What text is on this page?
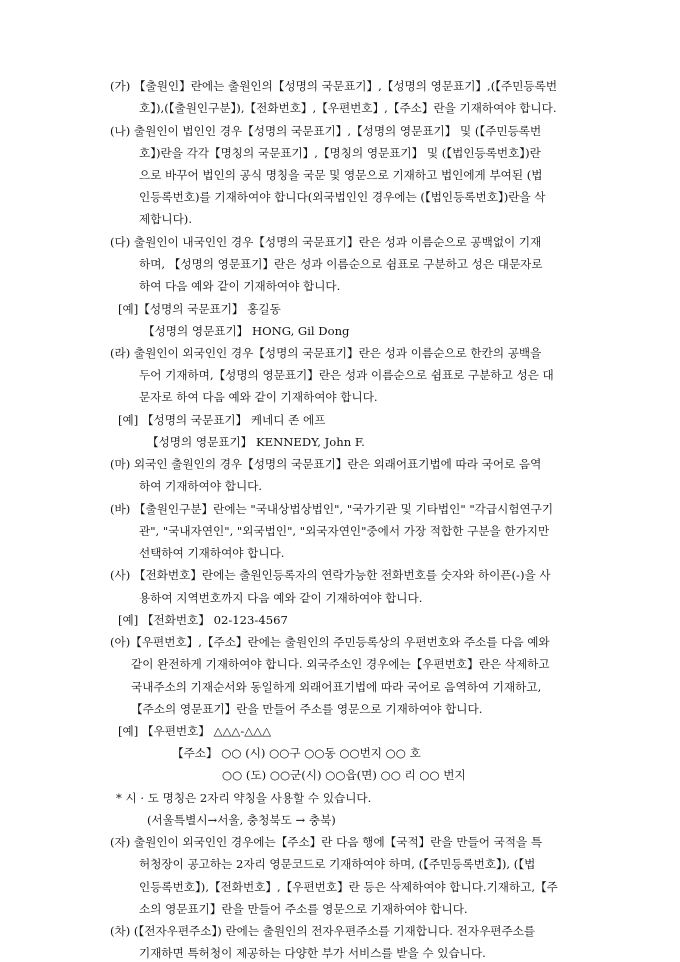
(가) 【출원인】란에는 출원인의【성명의 국문표기】,【성명의 영문표기】,(【주민등록번
호】),(【출원인구분】),【전화번호】,【우편번호】,【주소】란을 기재하여야 합니다.
(나) 출원인이 법인인 경우【성명의 국문표기】,【성명의 영문표기】 및 (【주민등록번
호】)란을 각각【명칭의 국문표기】,【명칭의 영문표기】 및 (【법인등록번호】)란
으로 바꾸어 법인의 공식 명칭을 국문 및 영문으로 기재하고 법인에게 부여된 (법
인등록번호)를 기재하여야 합니다(외국법인인 경우에는 (【법인등록번호】)란을 삭
제합니다).
(다) 출원인이 내국인인 경우【성명의 국문표기】란은 성과 이름순으로 공백없이 기재
하며, 【성명의 영문표기】란은 성과 이름순으로 쉼표로 구분하고 성은 대문자로
하여 다음 예와 같이 기재하여야 합니다.
[예]【성명의 국문표기】 홍길동
【성명의 영문표기】 HONG, Gil Dong
(라) 출원인이 외국인인 경우【성명의 국문표기】란은 성과 이름순으로 한칸의 공백을
두어 기재하며,【성명의 영문표기】란은 성과 이름순으로 쉼표로 구분하고 성은 대
문자로 하여 다음 예와 같이 기재하여야 합니다.
[예] 【성명의 국문표기】 케네디 존 에프
【성명의 영문표기】 KENNEDY, John F.
(마) 외국인 출원인의 경우【성명의 국문표기】란은 외래어표기법에 따라 국어로 음역
하여 기재하여야 합니다.
(바) 【출원인구분】란에는 "국내상법상법인", "국가기관 및 기타법인" "각급시험연구기
관", "국내자연인", "외국법인", "외국자연인"중에서 가장 적합한 구분을 한가지만
선택하여 기재하여야 합니다.
(사) 【전화번호】란에는 출원인등록자의 연락가능한 전화번호를 숫자와 하이픈(-)을 사
용하여 지역번호까지 다음 예와 같이 기재하여야 합니다.
[예] 【전화번호】 02-123-4567
(아)【우편번호】,【주소】란에는 출원인의 주민등록상의 우편번호와 주소를 다음 예와
같이 완전하게 기재하여야 합니다. 외국주소인 경우에는【우편번호】란은 삭제하고
국내주소의 기재순서와 동일하게 외래어표기법에 따라 국어로 음역하여 기재하고,
【주소의 영문표기】란을 만들어 주소를 영문으로 기재하여야 합니다.
[예] 【우편번호】 △△△-△△△
【주소】 ○○ (시) ○○구 ○○동 ○○번지 ○○ 호
○○ (도) ○○군(시) ○○읍(면) ○○ 리 ○○ 번지
* 시 · 도 명칭은 2자리 약칭을 사용할 수 있습니다.
(서울특별시→서울, 충청북도 → 충북)
(자) 출원인이 외국인인 경우에는【주소】란 다음 행에【국적】란을 만들어 국적을 특
허청장이 공고하는 2자리 영문코드로 기재하여야 하며, (【주민등록번호】), (【법
인등록번호】),【전화번호】,【우편번호】란 등은 삭제하여야 합니다.기재하고,【주
소의 영문표기】란을 만들어 주소를 영문으로 기재하여야 합니다.
(차) (【전자우편주소】) 란에는 출원인의 전자우편주소를 기재합니다. 전자우편주소를
기재하면 특허청이 제공하는 다양한 부가 서비스를 받을 수 있습니다.
